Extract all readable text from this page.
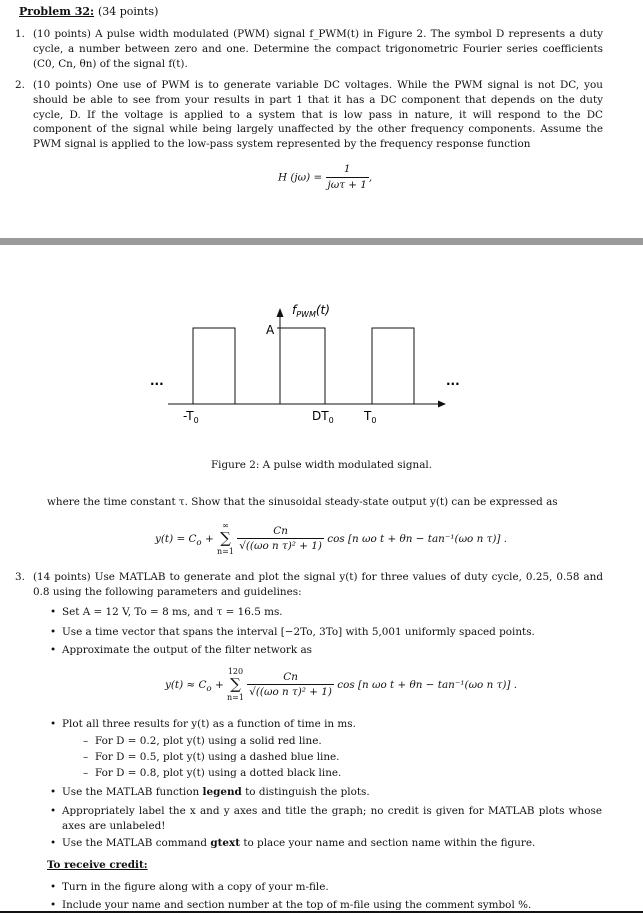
Problem 32: (34 points)
1. (10 points) A pulse width modulated (PWM) signal f_PWM(t) in Figure 2. The symbol D represents a duty cycle, a number between zero and one. Determine the compact trigonometric Fourier series coefficients (C0, Cn, θn) of the signal f(t).
2. (10 points) One use of PWM is to generate variable DC voltages. While the PWM signal is not DC, you should be able to see from your results in part 1 that it has a DC component that depends on the duty cycle, D. If the voltage is applied to a system that is low pass in nature, it will respond to the DC component of the signal while being largely unaffected by the other frequency components. Assume the PWM signal is applied to the low-pass system represented by the frequency response function
H $(j\omega) = \frac{1}{\text{jωτ + 1}}$ ,
$f_{PWM}(t)$
A
...	...
$-T_0$	$DT_0$	$T_0$
Figure 2: A pulse width modulated signal.
where the time constant τ. Show that the sinusoidal steady-state output y(t) can be expressed as
$y(t) = C_o$ +
∞
∑
n=1
$\frac{Cn}{\text{√((ωo n τ)² + 1)}}$ cos [n ωo t + θn − tan⁻¹(ωo n τ)] .
3. (14 points) Use MATLAB to generate and plot the signal y(t) for three values of duty cycle, 0.25, 0.58 and 0.8 using the following parameters and guidelines:
• Set A = 12 V, To = 8 ms, and τ = 16.5 ms.
• Use a time vector that spans the interval [−2To, 3To] with 5,001 uniformly spaced points.
• Approximate the output of the filter network as
$y(t) \approx C_o$ +
120
∑
n=1
$\frac{Cn}{\text{√((ωo n τ)² + 1)}}$ cos [n ωo t + θn − tan⁻¹(ωo n τ)] .
• Plot all three results for y(t) as a function of time in ms.
– For D = 0.2, plot y(t) using a solid red line.
– For D = 0.5, plot y(t) using a dashed blue line.
– For D = 0.8, plot y(t) using a dotted black line.
• Use the MATLAB function legend to distinguish the plots.
• Appropriately label the x and y axes and title the graph; no credit is given for MATLAB plots whose axes are unlabeled!
• Use the MATLAB command gtext to place your name and section name within the figure.
To receive credit:
• Turn in the figure along with a copy of your m-file.
• Include your name and section number at the top of m-file using the comment symbol %.
